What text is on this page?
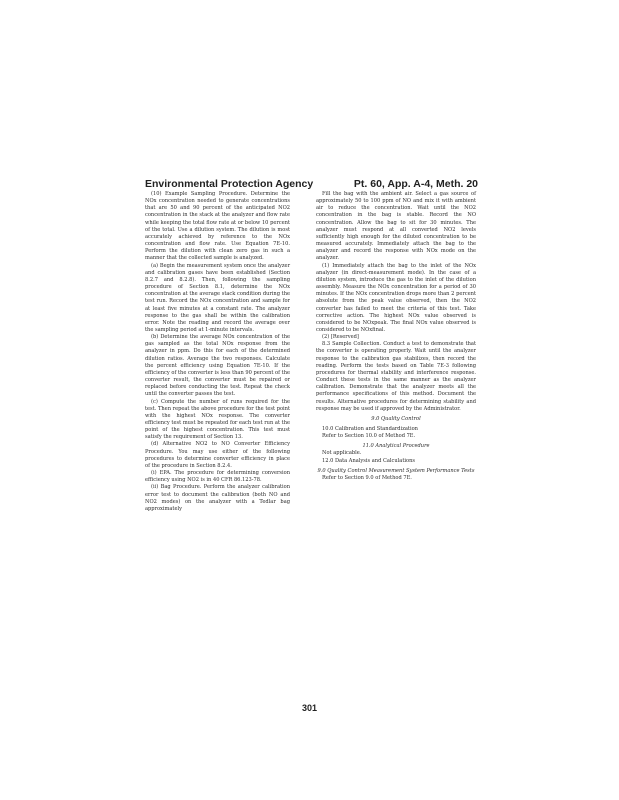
Environmental Protection Agency	Pt. 60, App. A-4, Meth. 20

(10) Example Sampling Procedure. Determine the NOx concentration needed to generate concentrations that are 50 and 90 percent of the anticipated NO2 concentration in the stack at the analyzer and flow rate while keeping the total flow rate at or below 10 percent of the total. Use a dilution system. The dilution is most accurately achieved by reference to the NOx concentration and flow rate. Use Equation 7E-10. Perform the dilution with clean zero gas in such a manner that the collected sample is analyzed.

(a) Begin the measurement system once the analyzer and calibration gases have been established (Section 8.2.7 and 8.2.8). Then, following the sampling procedure of Section 8.1, determine the NOx concentration at the average stack condition during the test run. Record the NOx concentration and sample for at least five minutes at a constant rate. The analyzer response to the gas shall be within the calibration error. Note the reading and record the average over the sampling period at 1-minute intervals.

(b) Determine the average NOx concentration of the gas sampled as the total NOx response from the analyzer in ppm. Do this for each of the determined dilution ratios. Average the two responses. Calculate the percent efficiency using Equation 7E-10. If the efficiency of the converter is less than 90 percent of the converter result, the converter must be repaired or replaced before conducting the test. Repeat the check until the converter passes the test.

(c) Compute the number of runs required for the test. Then repeat the above procedure for the test point with the highest NOx response. The converter efficiency test must be repeated for each test run at the point of the highest concentration. This test must satisfy the requirement of Section 13.

(d) Alternative NO2 to NO Converter Efficiency Procedure. You may use either of the following procedures to determine converter efficiency in place of the procedure in Section 8.2.4.

(i) EPA. The procedure for determining conversion efficiency using NO2 is in 40 CFR 86.123-78.

(ii) Bag Procedure. Perform the analyzer calibration error test to document the calibration (both NO and NO2 modes) on the analyzer with a Tedlar bag approximately

Fill the bag with the ambient air. Select a gas source of approximately 50 to 100 ppm of NO and mix it with ambient air to reduce the concentration. Wait until the NO2 concentration in the bag is stable. Record the NO concentration. Allow the bag to sit for 30 minutes. The analyzer must respond at all converted NO2 levels sufficiently high enough for the diluted concentration to be measured accurately. Immediately attach the bag to the analyzer and record the response with NOx mode on the analyzer.

(1) Immediately attach the bag to the inlet of the NOx analyzer (in direct-measurement mode). In the case of a dilution system, introduce the gas to the inlet of the dilution assembly. Measure the NOx concentration for a period of 30 minutes. If the NOx concentration drops more than 2 percent absolute from the peak value observed, then the NO2 converter has failed to meet the criteria of this test. Take corrective action. The highest NOx value observed is considered to be NOxpeak. The final NOx value observed is considered to be NOxfinal.

(2) [Reserved]

8.3 Sample Collection. Conduct a test to demonstrate that the converter is operating properly. Wait until the analyzer response to the calibration gas stabilizes, then record the reading. Perform the tests based on Table 7E-3 following procedures for thermal stability and interference response. Conduct these tests in the same manner as the analyzer calibration. Demonstrate that the analyzer meets all the performance specifications of this method. Document the results. Alternative procedures for determining stability and response may be used if approved by the Administrator.

9.0 Quality Control

10.0 Calibration and Standardization

Refer to Section 10.0 of Method 7E.

11.0 Analytical Procedure

Not applicable.

12.0 Data Analysis and Calculations

9.0 Quality Control Measurement System Performance Tests

Refer to Section 9.0 of Method 7E.

301
